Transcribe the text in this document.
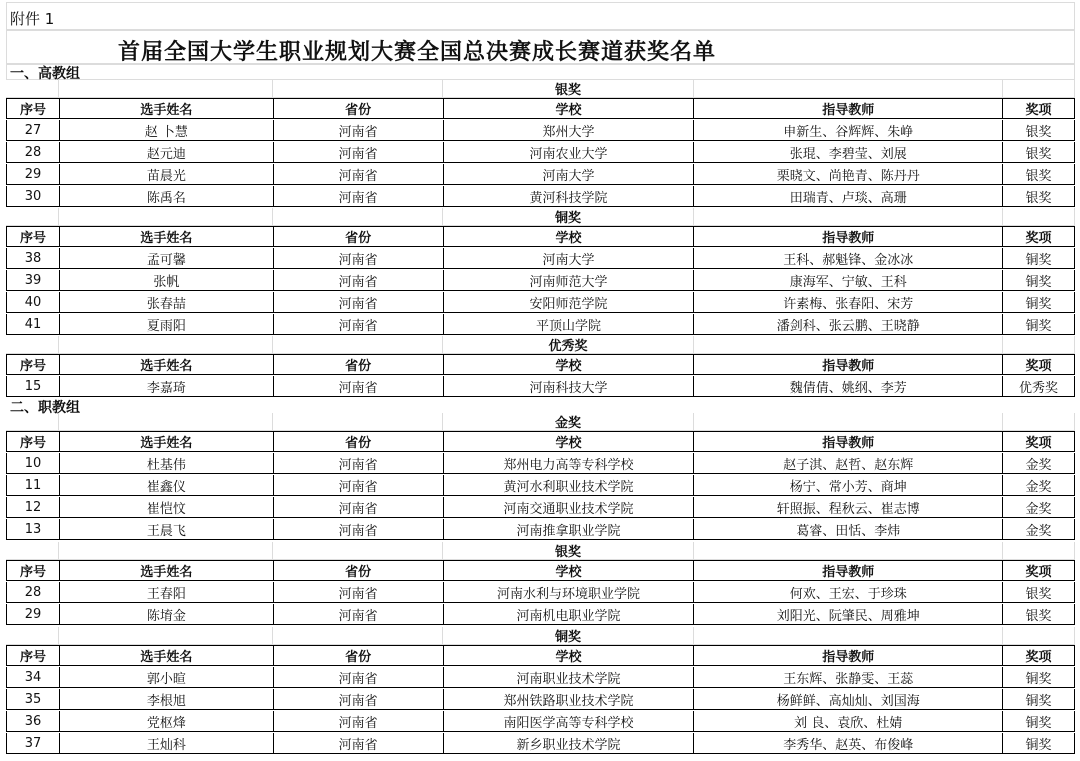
附件 1
首届全国大学生职业规划大赛全国总决赛成长赛道获奖名单
一、高教组
银奖
序号	选手姓名	省份	学校	指导教师	奖项
27	赵 卜慧	河南省	郑州大学	申新生、谷辉辉、朱峥	银奖
28	赵元迪	河南省	河南农业大学	张琨、李碧莹、刘展	银奖
29	苗晨光	河南省	河南大学	栗晓文、尚艳青、陈丹丹	银奖
30	陈禹名	河南省	黄河科技学院	田瑞青、卢琰、高珊	银奖
铜奖
序号	选手姓名	省份	学校	指导教师	奖项
38	孟可馨	河南省	河南大学	王科、郝魁锋、金冰冰	铜奖
39	张帆	河南省	河南师范大学	康海军、宁敏、王科	铜奖
40	张春喆	河南省	安阳师范学院	许素梅、张春阳、宋芳	铜奖
41	夏雨阳	河南省	平顶山学院	潘剑科、张云鹏、王晓静	铜奖
优秀奖
序号	选手姓名	省份	学校	指导教师	奖项
15	李嘉琦	河南省	河南科技大学	魏倩倩、姚纲、李芳	优秀奖
二、职教组
金奖
序号	选手姓名	省份	学校	指导教师	奖项
10	杜基伟	河南省	郑州电力高等专科学校	赵子淇、赵哲、赵东辉	金奖
11	崔鑫仪	河南省	黄河水利职业技术学院	杨宁、常小芳、商坤	金奖
12	崔恺忟	河南省	河南交通职业技术学院	轩照振、程秋云、崔志博	金奖
13	王晨飞	河南省	河南推拿职业学院	葛睿、田恬、李炜	金奖
银奖
序号	选手姓名	省份	学校	指导教师	奖项
28	王春阳	河南省	河南水利与环境职业学院	何欢、王宏、于珍珠	银奖
29	陈堉金	河南省	河南机电职业学院	刘阳光、阮肇民、周雅坤	银奖
铜奖
序号	选手姓名	省份	学校	指导教师	奖项
34	郭小暄	河南省	河南职业技术学院	王东辉、张静雯、王蕊	铜奖
35	李根旭	河南省	郑州铁路职业技术学院	杨鲜鲜、高灿灿、刘国海	铜奖
36	党枢烽	河南省	南阳医学高等专科学校	刘 良、袁欣、杜婧	铜奖
37	王灿科	河南省	新乡职业技术学院	李秀华、赵英、布俊峰	铜奖
